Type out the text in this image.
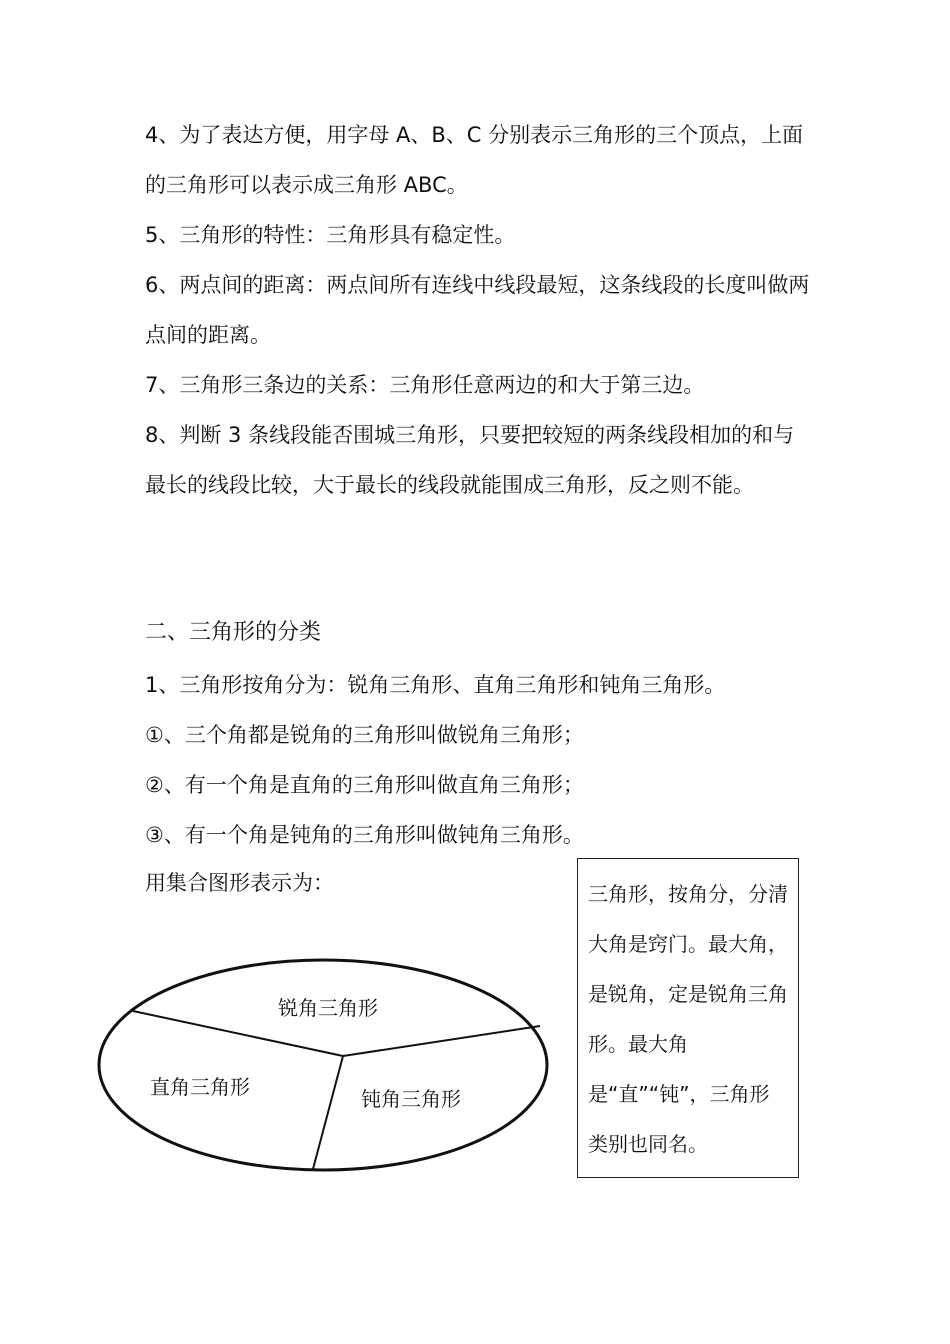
4、为了表达方便，用字母 A、B、C 分别表示三角形的三个顶点，上面的三角形可以表示成三角形 ABC。

5、三角形的特性：三角形具有稳定性。

6、两点间的距离：两点间所有连线中线段最短，这条线段的长度叫做两点间的距离。

7、三角形三条边的关系：三角形任意两边的和大于第三边。

8、判断 3 条线段能否围城三角形，只要把较短的两条线段相加的和与最长的线段比较，大于最长的线段就能围成三角形，反之则不能。

二、三角形的分类

1、三角形按角分为：锐角三角形、直角三角形和钝角三角形。

①、三个角都是锐角的三角形叫做锐角三角形；

②、有一个角是直角的三角形叫做直角三角形；

③、有一个角是钝角的三角形叫做钝角三角形。

用集合图形表示为：

锐角三角形
直角三角形	钝角三角形

三角形，按角分，分清大角是窍门。最大角，是锐角，定是锐角三角形。最大角是“直”“钝”，三角形类别也同名。
